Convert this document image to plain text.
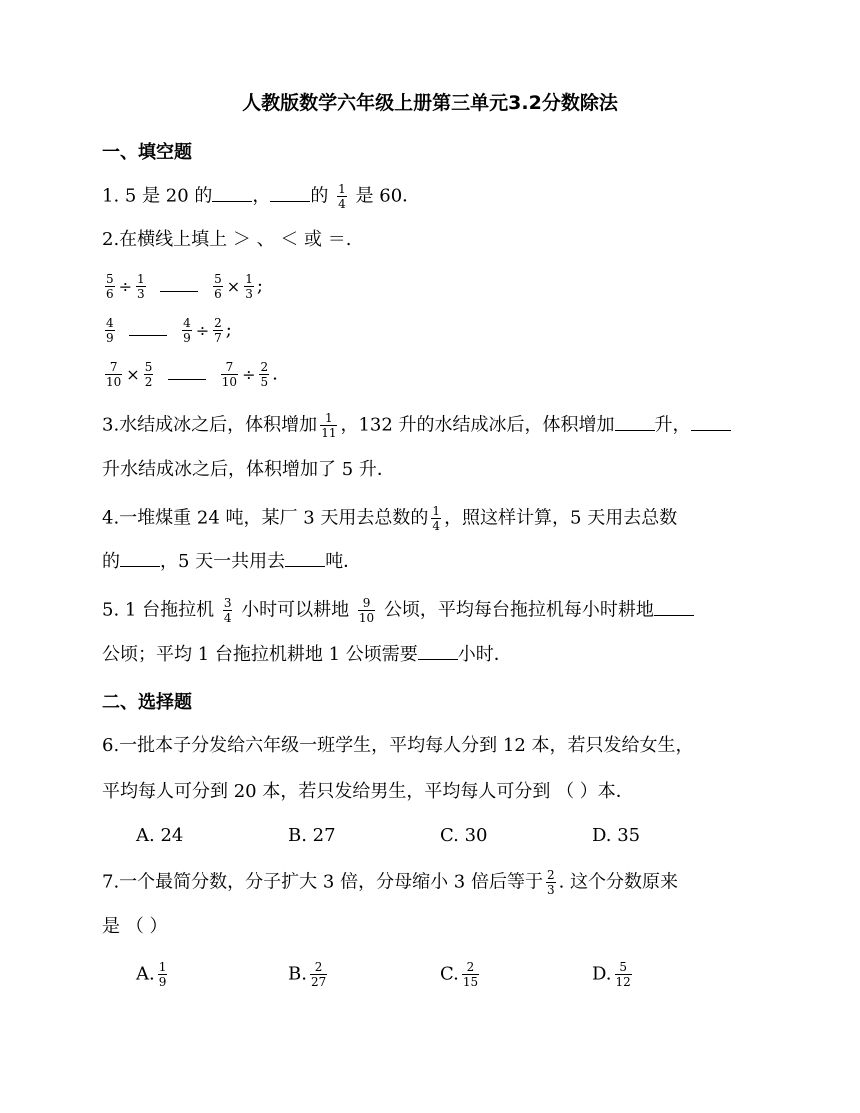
人教版数学六年级上册第三单元3.2分数除法
一、填空题
1. 5 是 20 的 ， 的 $\frac{1}{4}$ 是 60．
2.在横线上填上 ＞ 、 ＜ 或 ＝.
$\frac{5}{6} \div \frac{1}{3}$
	$\frac{5}{6} \times \frac{1}{3}$ ;
$\frac{4}{9}$
	$\frac{4}{9} \div \frac{2}{7}$ ;
$\frac{7}{10} \times \frac{5}{2}$
	$\frac{7}{10} \div \frac{2}{5}$ .
3.水结成冰之后，体积增加 $\frac{1}{11}$ ，132 升的水结成冰后，体积增加 升，
升水结成冰之后，体积增加了 5 升．
4.一堆煤重 24 吨，某厂 3 天用去总数的 $\frac{1}{4}$ ，照这样计算，5 天用去总数
的 ，5 天一共用去 吨．
5. 1 台拖拉机 $\frac{3}{4}$ 小时可以耕地 $\frac{9}{10}$ 公顷，平均每台拖拉机每小时耕地
公顷；平均 1 台拖拉机耕地 1 公顷需要 小时．
二、选择题
6.一批本子分发给六年级一班学生，平均每人分到 12 本，若只发给女生，
平均每人可分到 20 本，若只发给男生，平均每人可分到 （ ）本．
A. 24	B. 27	C. 30	D. 35
7.一个最简分数，分子扩大 3 倍，分母缩小 3 倍后等于 $\frac{2}{3}$ . 这个分数原来
是 （ ）
A. $\frac{1}{9}$	B. $\frac{2}{27}$	C. $\frac{2}{15}$	D. $\frac{5}{12}$
